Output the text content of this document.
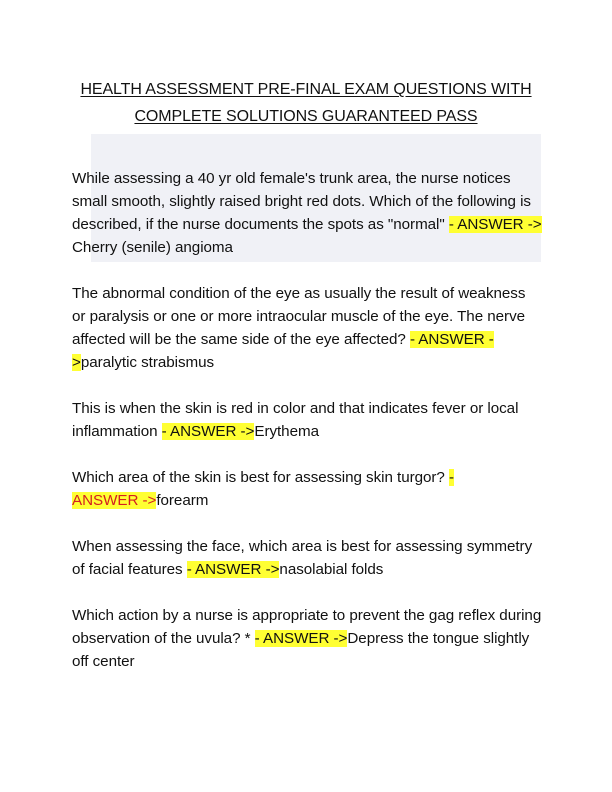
HEALTH ASSESSMENT PRE-FINAL EXAM QUESTIONS WITH
COMPLETE SOLUTIONS GUARANTEED PASS
While assessing a 40 yr old female's trunk area, the nurse notices small smooth, slightly raised bright red dots. Which of the following is described, if the nurse documents the spots as "normal" - ANSWER ->
Cherry (senile) angioma
The abnormal condition of the eye as usually the result of weakness or paralysis or one or more intraocular muscle of the eye. The nerve affected will be the same side of the eye affected? - ANSWER ->paralytic strabismus
This is when the skin is red in color and that indicates fever or local inflammation - ANSWER ->Erythema
Which area of the skin is best for assessing skin turgor? -
ANSWER ->forearm
When assessing the face, which area is best for assessing symmetry of facial features - ANSWER ->nasolabial folds
Which action by a nurse is appropriate to prevent the gag reflex during observation of the uvula? * - ANSWER ->Depress the tongue slightly off center
